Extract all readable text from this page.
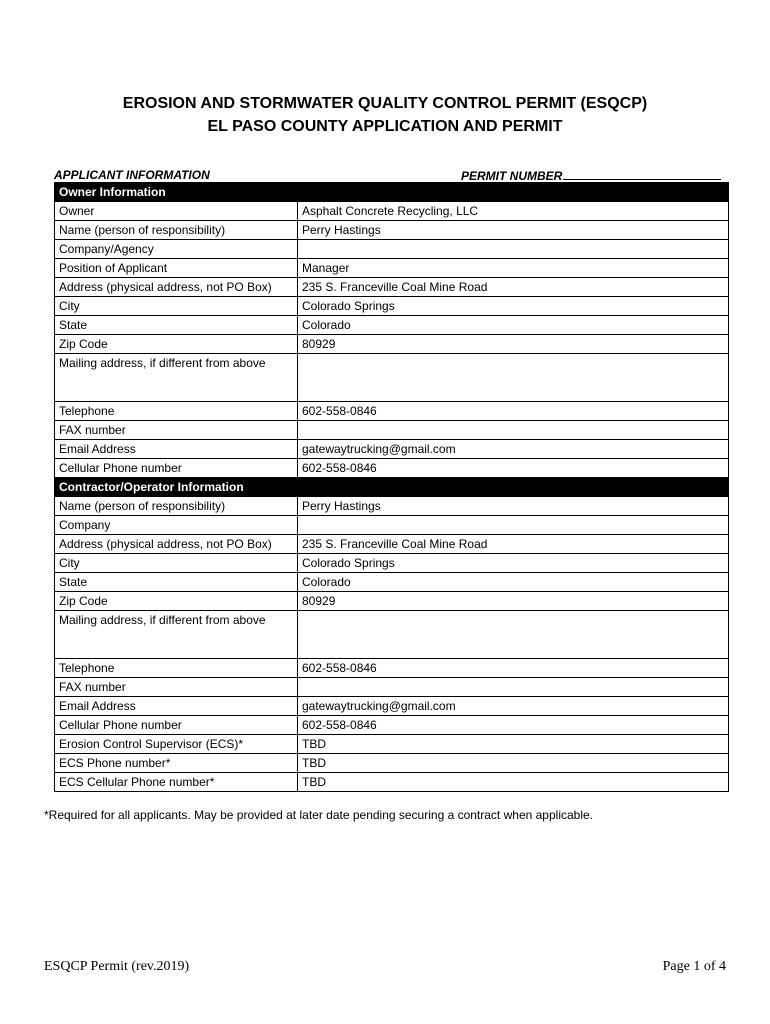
EROSION AND STORMWATER QUALITY CONTROL PERMIT (ESQCP)
EL PASO COUNTY APPLICATION AND PERMIT
APPLICANT INFORMATION	PERMIT NUMBER
Owner Information	
Owner	Asphalt Concrete Recycling, LLC
Name (person of responsibility)	Perry Hastings
Company/Agency	
Position of Applicant	Manager
Address (physical address, not PO Box)	235 S. Franceville Coal Mine Road
City	Colorado Springs
State	Colorado
Zip Code	80929
Mailing address, if different from above	
Telephone	602-558-0846
FAX number	
Email Address	gatewaytrucking@gmail.com
Cellular Phone number	602-558-0846
Contractor/Operator Information	
Name (person of responsibility)	Perry Hastings
Company	
Address (physical address, not PO Box)	235 S. Franceville Coal Mine Road
City	Colorado Springs
State	Colorado
Zip Code	80929
Mailing address, if different from above	
Telephone	602-558-0846
FAX number	
Email Address	gatewaytrucking@gmail.com
Cellular Phone number	602-558-0846
Erosion Control Supervisor (ECS)*	TBD
ECS Phone number*	TBD
ECS Cellular Phone number*	TBD
*Required for all applicants. May be provided at later date pending securing a contract when applicable.
ESQCP Permit (rev.2019)	Page 1 of 4
